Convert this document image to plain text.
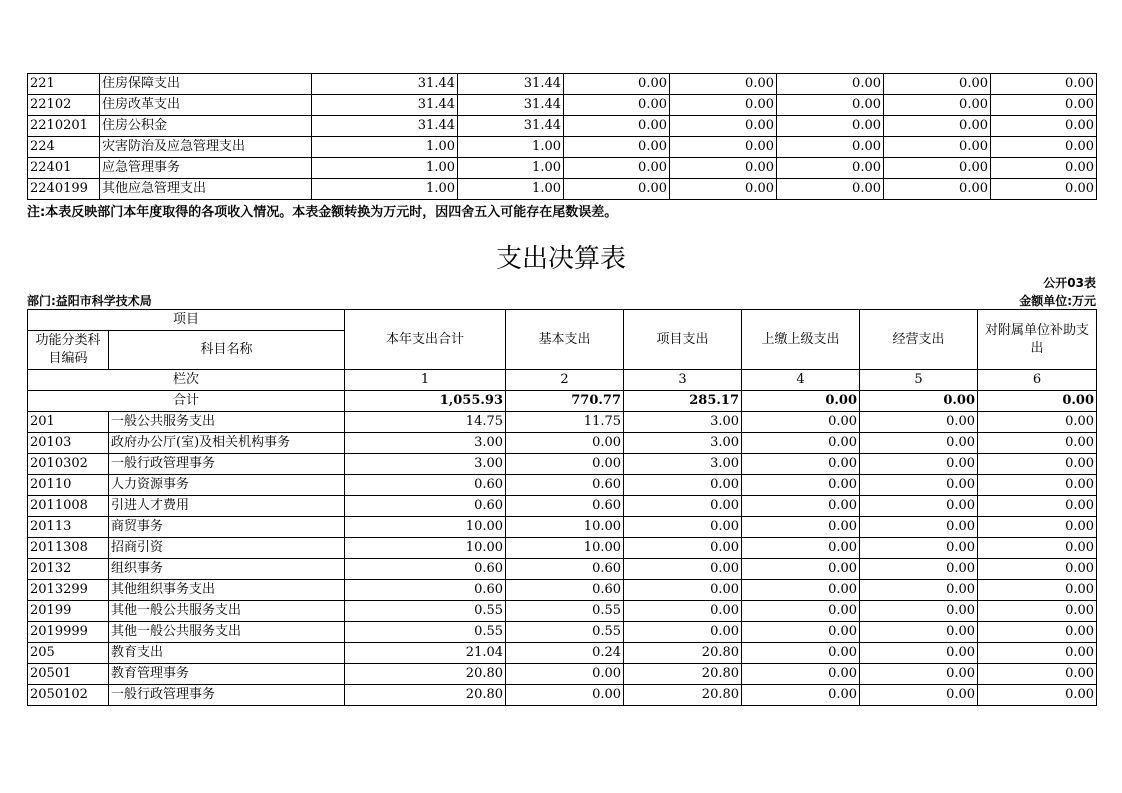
221	住房保障支出	31.44	31.44	0.00	0.00	0.00	0.00	0.00
22102	住房改革支出	31.44	31.44	0.00	0.00	0.00	0.00	0.00
2210201	住房公积金	31.44	31.44	0.00	0.00	0.00	0.00	0.00
224	灾害防治及应急管理支出	1.00	1.00	0.00	0.00	0.00	0.00	0.00
22401	应急管理事务	1.00	1.00	0.00	0.00	0.00	0.00	0.00
2240199	其他应急管理支出	1.00	1.00	0.00	0.00	0.00	0.00	0.00
注:本表反映部门本年度取得的各项收入情况。本表金额转换为万元时，因四舍五入可能存在尾数误差。
支出决算表
公开03表
部门:益阳市科学技术局	金额单位:万元
项目		本年支出合计	基本支出	项目支出	上缴上级支出	经营支出	对附属单位补助支出
功能分类科目编码	科目名称						
栏次		1	2	3	4	5	6
合计		1,055.93	770.77	285.17	0.00	0.00	0.00
201	一般公共服务支出	14.75	11.75	3.00	0.00	0.00	0.00
20103	政府办公厅(室)及相关机构事务	3.00	0.00	3.00	0.00	0.00	0.00
2010302	一般行政管理事务	3.00	0.00	3.00	0.00	0.00	0.00
20110	人力资源事务	0.60	0.60	0.00	0.00	0.00	0.00
2011008	引进人才费用	0.60	0.60	0.00	0.00	0.00	0.00
20113	商贸事务	10.00	10.00	0.00	0.00	0.00	0.00
2011308	招商引资	10.00	10.00	0.00	0.00	0.00	0.00
20132	组织事务	0.60	0.60	0.00	0.00	0.00	0.00
2013299	其他组织事务支出	0.60	0.60	0.00	0.00	0.00	0.00
20199	其他一般公共服务支出	0.55	0.55	0.00	0.00	0.00	0.00
2019999	其他一般公共服务支出	0.55	0.55	0.00	0.00	0.00	0.00
205	教育支出	21.04	0.24	20.80	0.00	0.00	0.00
20501	教育管理事务	20.80	0.00	20.80	0.00	0.00	0.00
2050102	一般行政管理事务	20.80	0.00	20.80	0.00	0.00	0.00
